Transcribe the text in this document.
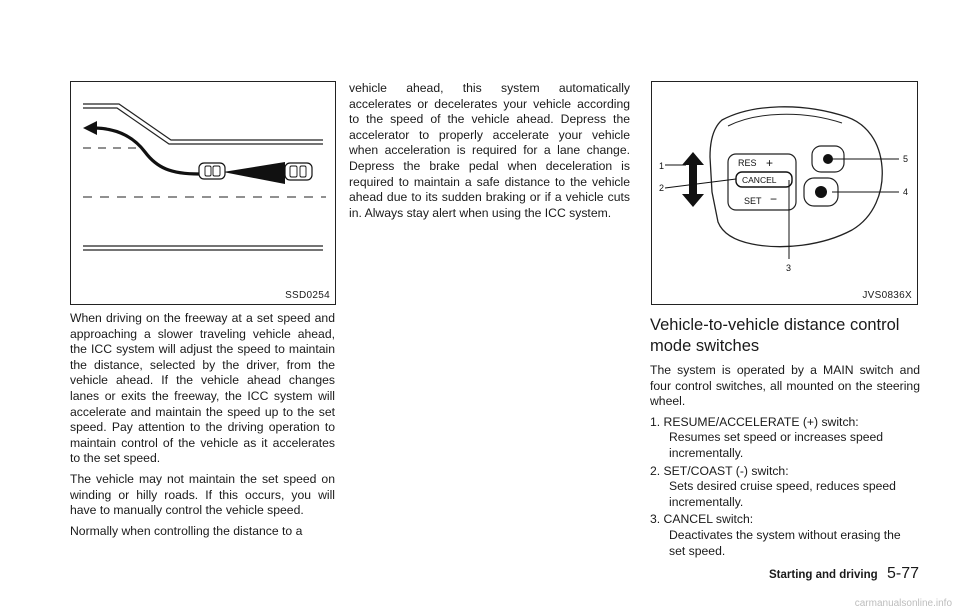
SSD0254
RES +
CANCEL
SET −
1
2
3
4
5
JVS0836X

When driving on the freeway at a set speed and approaching a slower traveling vehicle ahead, the ICC system will adjust the speed to maintain the distance, selected by the driver, from the vehicle ahead. If the vehicle ahead changes lanes or exits the freeway, the ICC system will accelerate and maintain the speed up to the set speed. Pay attention to the driving operation to maintain control of the vehicle as it accelerates to the set speed.

The vehicle may not maintain the set speed on winding or hilly roads. If this occurs, you will have to manually control the vehicle speed.

Normally when controlling the distance to a

vehicle ahead, this system automatically accelerates or decelerates your vehicle according to the speed of the vehicle ahead. Depress the accelerator to properly accelerate your vehicle when acceleration is required for a lane change. Depress the brake pedal when deceleration is required to maintain a safe distance to the vehicle ahead due to its sudden braking or if a vehicle cuts in. Always stay alert when using the ICC system.

Vehicle-to-vehicle distance control mode switches

The system is operated by a MAIN switch and four control switches, all mounted on the steering wheel.

1. RESUME/ACCELERATE (+) switch:
Resumes set speed or increases speed incrementally.
2. SET/COAST (-) switch:
Sets desired cruise speed, reduces speed incrementally.
3. CANCEL switch:
Deactivates the system without erasing the set speed.
Starting and driving 5-77
carmanualsonline.info
